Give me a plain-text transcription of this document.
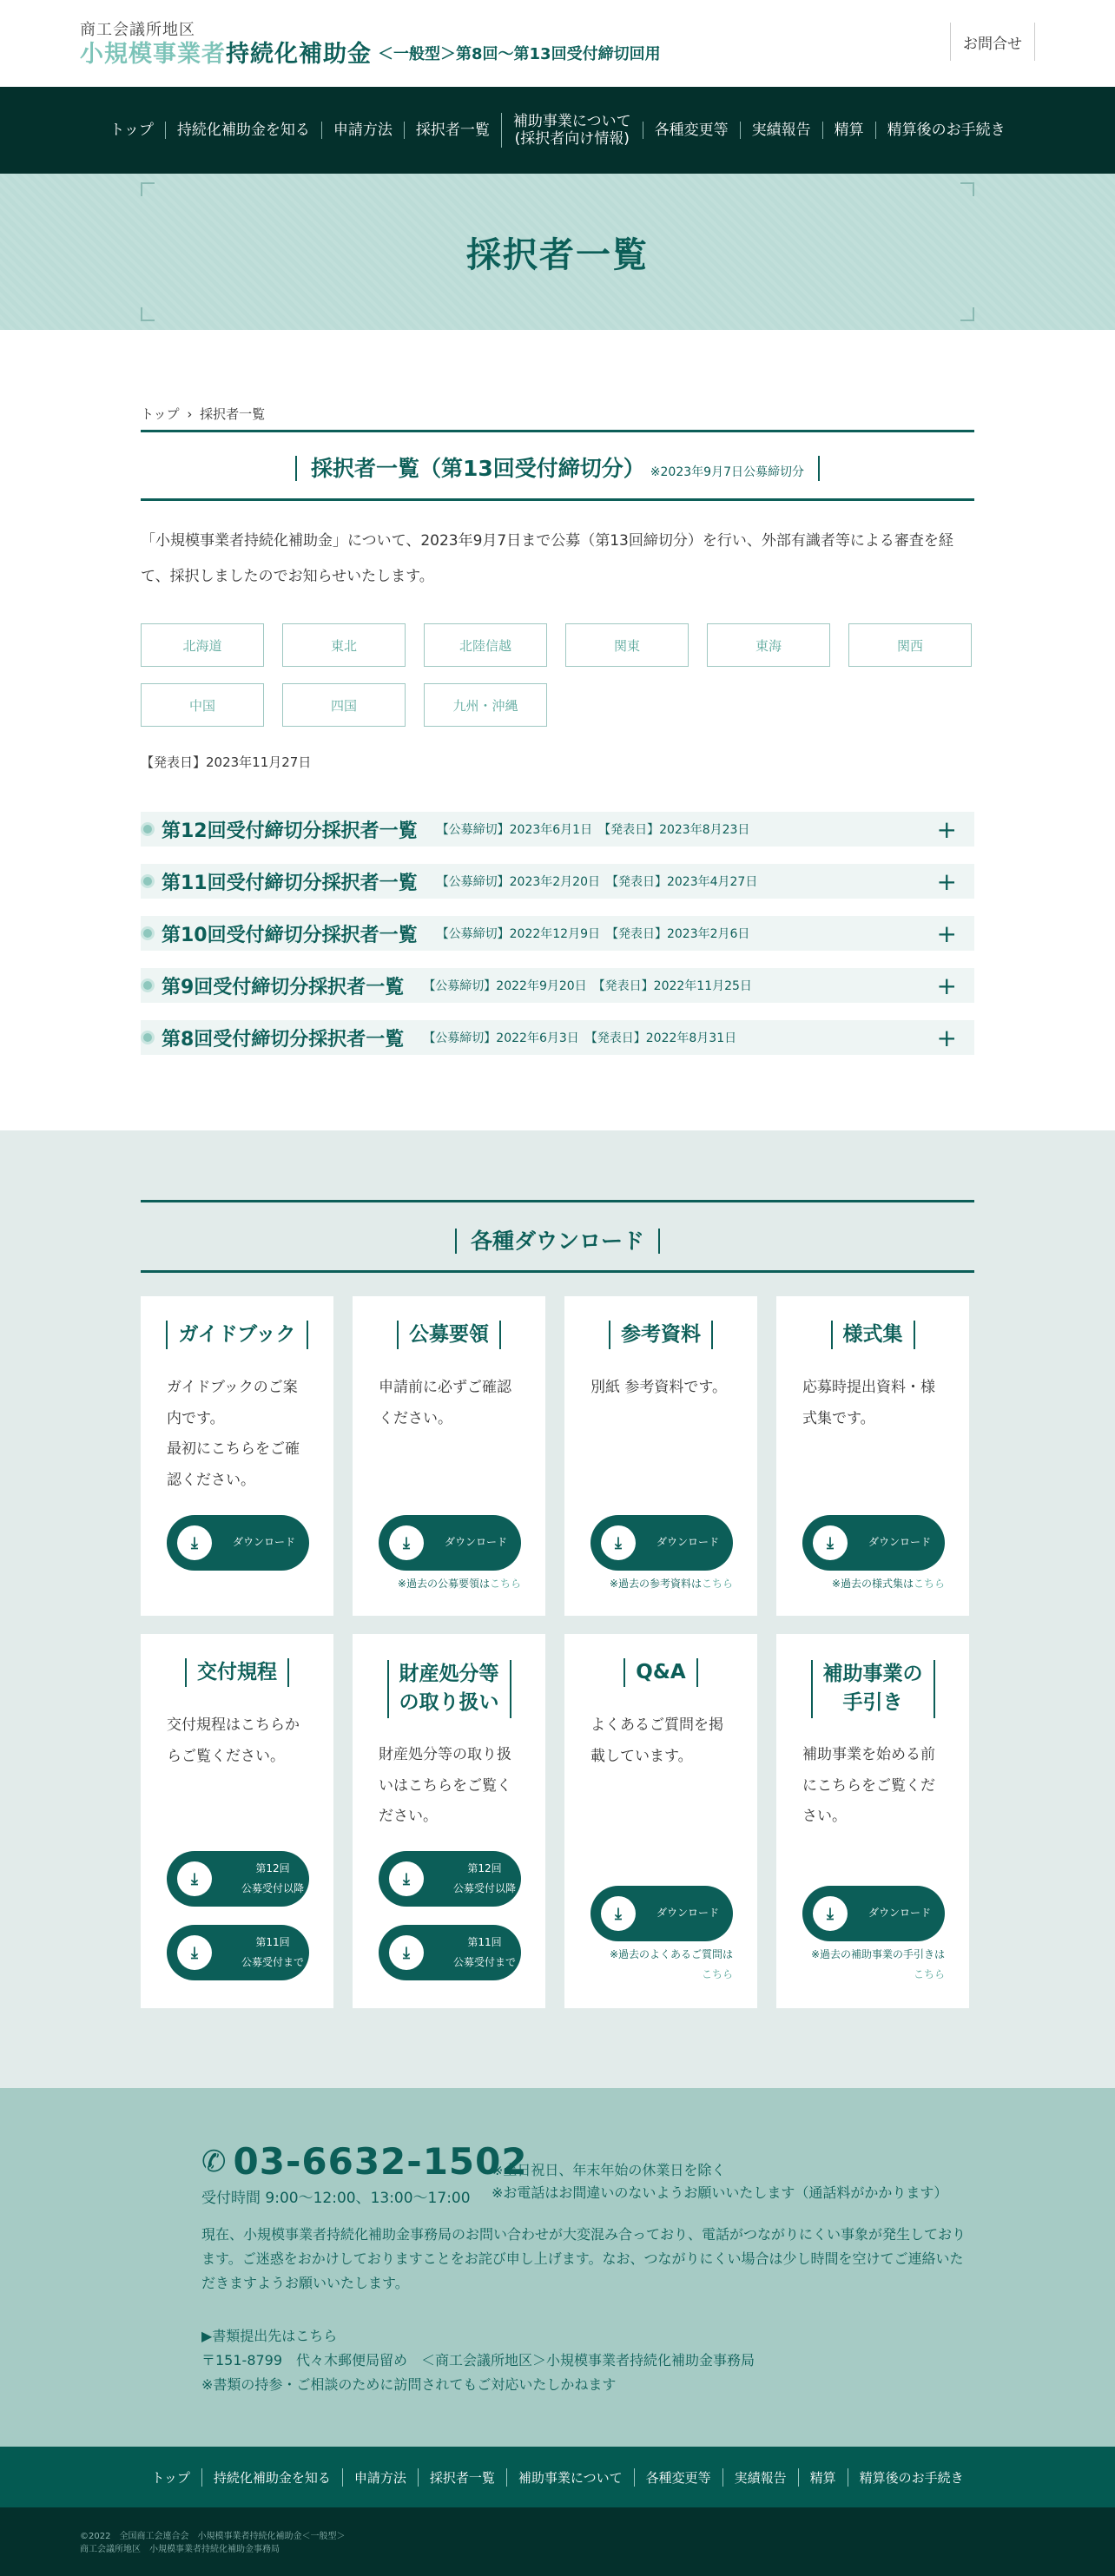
商工会議所地区
小規模事業者持続化補助金 ＜一般型＞第8回〜第13回受付締切回用
お問合せ
トップ	持続化補助金を知る	申請方法	採択者一覧
補助事業について
(採択者向け情報)
各種変更等	実績報告	精算	精算後のお手続き
採択者一覧
トップ › 採択者一覧
採択者一覧（第13回受付締切分） ※2023年9月7日公募締切分

「小規模事業者持続化補助金」について、2023年9月7日まで公募（第13回締切分）を行い、外部有識者等による審査を経て、採択しましたのでお知らせいたします。

北海道	東北	北陸信越	関東	東海	関西
中国	四国	九州・沖縄
【発表日】2023年11月27日
第12回受付締切分採択者一覧 【公募締切】2023年6月1日　【発表日】2023年8月23日	+
第11回受付締切分採択者一覧 【公募締切】2023年2月20日　【発表日】2023年4月27日	+
第10回受付締切分採択者一覧 【公募締切】2022年12月9日　【発表日】2023年2月6日	+
第9回受付締切分採択者一覧 【公募締切】2022年9月20日　【発表日】2022年11月25日	+
第8回受付締切分採択者一覧 【公募締切】2022年6月3日　【発表日】2022年8月31日	+
各種ダウンロード
ガイドブック
ガイドブックのご案内です。
最初にこちらをご確認ください。
⤓	ダウンロード
公募要領
申請前に必ずご確認ください。
⤓	ダウンロード
※過去の公募要領はこちら
参考資料
別紙 参考資料です。
⤓	ダウンロード
※過去の参考資料はこちら
様式集
応募時提出資料・様式集です。
⤓	ダウンロード
※過去の様式集はこちら
交付規程
交付規程はこちらからご覧ください。
⤓
第12回
公募受付以降
⤓
第11回
公募受付まで
財産処分等
の取り扱い
財産処分等の取り扱いはこちらをご覧ください。
⤓
第12回
公募受付以降
⤓
第11回
公募受付まで
Q&A
よくあるご質問を掲載しています。
⤓	ダウンロード
※過去のよくあるご質問は
こちら
補助事業の
手引き
補助事業を始める前にこちらをご覧ください。
⤓	ダウンロード
※過去の補助事業の手引きは
こちら
✆ 03-6632-1502
受付時間 9:00〜12:00、13:00〜17:00
※土日祝日、年末年始の休業日を除く
※お電話はお間違いのないようお願いいたします（通話料がかかります）

現在、小規模事業者持続化補助金事務局のお問い合わせが大変混み合っており、電話がつながりにくい事象が発生しております。ご迷惑をおかけしておりますことをお詫び申し上げます。なお、つながりにくい場合は少し時間を空けてご連絡いただきますようお願いいたします。

▶書類提出先はこちら
〒151-8799　代々木郵便局留め　＜商工会議所地区＞小規模事業者持続化補助金事務局
※書類の持参・ご相談のために訪問されてもご対応いたしかねます
トップ	持続化補助金を知る	申請方法	採択者一覧	補助事業について	各種変更等	実績報告	精算	精算後のお手続き
©2022　全国商工会連合会　小規模事業者持続化補助金＜一般型＞
商工会議所地区　小規模事業者持続化補助金事務局
